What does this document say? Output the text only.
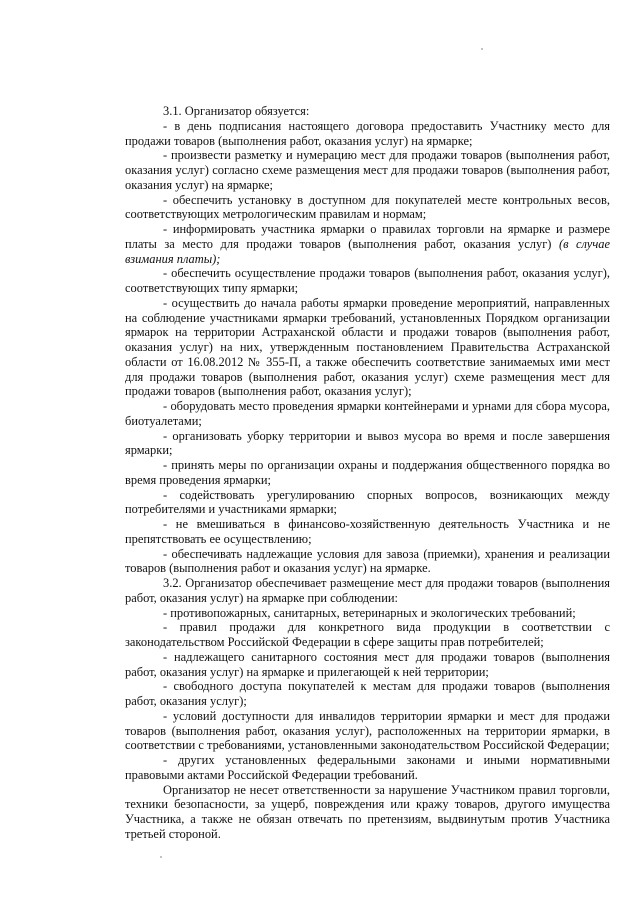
3.1. Организатор обязуется:

- в день подписания настоящего договора предоставить Участнику место для продажи товаров (выполнения работ, оказания услуг) на ярмарке;

- произвести разметку и нумерацию мест для продажи товаров (выполнения работ, оказания услуг) согласно схеме размещения мест для продажи товаров (выполнения работ, оказания услуг) на ярмарке;

- обеспечить установку в доступном для покупателей месте контрольных весов, соответствующих метрологическим правилам и нормам;

- информировать участника ярмарки о правилах торговли на ярмарке и размере платы за место для продажи товаров (выполнения работ, оказания услуг) (в случае взимания платы);

- обеспечить осуществление продажи товаров (выполнения работ, оказания услуг), соответствующих типу ярмарки;

- осуществить до начала работы ярмарки проведение мероприятий, направленных на соблюдение участниками ярмарки требований, установленных Порядком организации ярмарок на территории Астраханской области и продажи товаров (выполнения работ, оказания услуг) на них, утвержденным постановлением Правительства Астраханской области от 16.08.2012 № 355-П, а также обеспечить соответствие занимаемых ими мест для продажи товаров (выполнения работ, оказания услуг) схеме размещения мест для продажи товаров (выполнения работ, оказания услуг);

- оборудовать место проведения ярмарки контейнерами и урнами для сбора мусора, биотуалетами;

- организовать уборку территории и вывоз мусора во время и после завершения ярмарки;

- принять меры по организации охраны и поддержания общественного порядка во время проведения ярмарки;

- содействовать урегулированию спорных вопросов, возникающих между потребителями и участниками ярмарки;

- не вмешиваться в финансово-хозяйственную деятельность Участника и не препятствовать ее осуществлению;

- обеспечивать надлежащие условия для завоза (приемки), хранения и реализации товаров (выполнения работ и оказания услуг) на ярмарке.

3.2. Организатор обеспечивает размещение мест для продажи товаров (выполнения работ, оказания услуг) на ярмарке при соблюдении:

- противопожарных, санитарных, ветеринарных и экологических требований;

- правил продажи для конкретного вида продукции в соответствии с законодательством Российской Федерации в сфере защиты прав потребителей;

- надлежащего санитарного состояния мест для продажи товаров (выполнения работ, оказания услуг) на ярмарке и прилегающей к ней территории;

- свободного доступа покупателей к местам для продажи товаров (выполнения работ, оказания услуг);

- условий доступности для инвалидов территории ярмарки и мест для продажи товаров (выполнения работ, оказания услуг), расположенных на территории ярмарки, в соответствии с требованиями, установленными законодательством Российской Федерации;

- других установленных федеральными законами и иными нормативными правовыми актами Российской Федерации требований.

Организатор не несет ответственности за нарушение Участником правил торговли, техники безопасности, за ущерб, повреждения или кражу товаров, другого имущества Участника, а также не обязан отвечать по претензиям, выдвинутым против Участника третьей стороной.
